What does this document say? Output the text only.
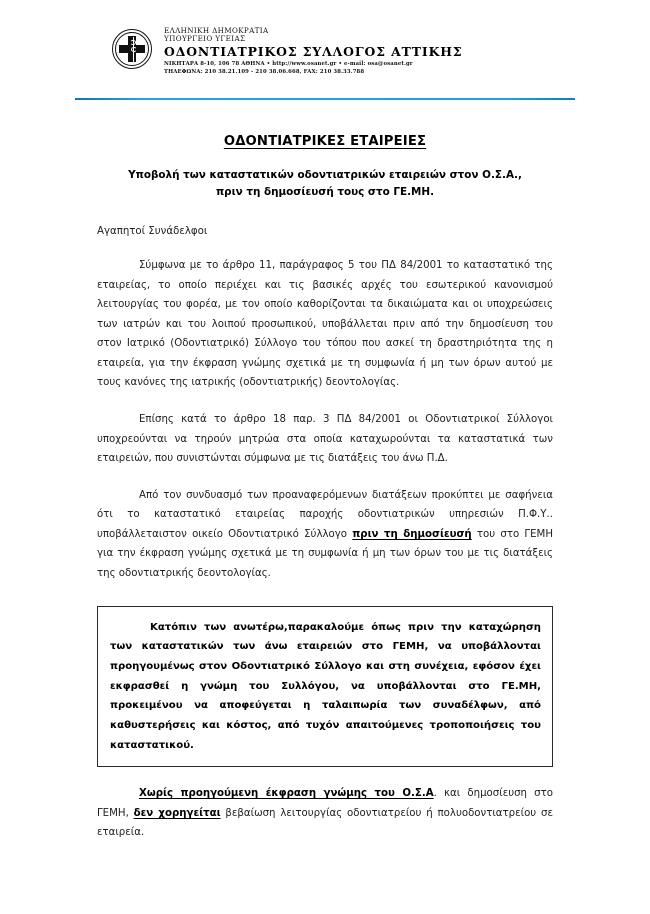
ΕΛΛΗΝΙΚΗ ΔΗΜΟΚΡΑΤΙΑ
ΥΠΟΥΡΓΕΙΟ ΥΓΕΙΑΣ
ΟΔΟΝΤΙΑΤΡΙΚΟΣ ΣΥΛΛΟΓΟΣ ΑΤΤΙΚΗΣ
ΝΙΚΗΤΑΡΑ 8-10, 106 78 ΑΘΗΝΑ • http://www.osanet.gr • e-mail: osa@osanet.gr
ΤΗΛΕΦΩΝΑ: 210 38.21.109 - 210 38.06.668, FAX: 210 38.33.788
ΟΔΟΝΤΙΑΤΡΙΚΕΣ ΕΤΑΙΡΕΙΕΣ
Υποβολή των καταστατικών οδοντιατρικών εταιρειών στον Ο.Σ.Α.,
πριν τη δημοσίευσή τους στο ΓΕ.ΜΗ.
Αγαπητοί Συνάδελφοι

Σύμφωνα με το άρθρο 11, παράγραφος 5 του ΠΔ 84/2001 το καταστατικό της εταιρείας, το οποίο περιέχει και τις βασικές αρχές του εσωτερικού κανονισμού λειτουργίας του φορέα, με τον οποίο καθορίζονται τα δικαιώματα και οι υποχρεώσεις των ιατρών και του λοιπού προσωπικού, υποβάλλεται πριν από την δημοσίευση του στον Ιατρικό (Οδοντιατρικό) Σύλλογο του τόπου που ασκεί τη δραστηριότητα της η εταιρεία, για την έκφραση γνώμης σχετικά με τη συμφωνία ή μη των όρων αυτού με τους κανόνες της ιατρικής (οδοντιατρικής) δεοντολογίας.

Επίσης κατά το άρθρο 18 παρ. 3 ΠΔ 84/2001 οι Οδοντιατρικοί Σύλλογοι υποχρεούνται να τηρούν μητρώα στα οποία καταχωρούνται τα καταστατικά των εταιρειών, που συνιστώνται σύμφωνα με τις διατάξεις του άνω Π.Δ.

Από τον συνδυασμό των προαναφερόμενων διατάξεων προκύπτει με σαφήνεια ότι το καταστατικό εταιρείας παροχής οδοντιατρικών υπηρεσιών Π.Φ.Υ.. υποβάλλεταιστον οικείο Οδοντιατρικό Σύλλογο πριν τη δημοσίευσή του στο ΓΕΜΗ για την έκφραση γνώμης σχετικά με τη συμφωνία ή μη των όρων του με τις διατάξεις της οδοντιατρικής δεοντολογίας.

Κατόπιν των ανωτέρω,παρακαλούμε όπως πριν την καταχώρηση των καταστατικών των άνω εταιρειών στο ΓΕΜΗ, να υποβάλλονται προηγουμένως στον Οδοντιατρικό Σύλλογο και στη συνέχεια, εφόσον έχει εκφρασθεί η γνώμη του Συλλόγου, να υποβάλλονται στο ΓΕ.ΜΗ, προκειμένου να αποφεύγεται η ταλαιπωρία των συναδέλφων, από καθυστερήσεις και κόστος, από τυχόν απαιτούμενες τροποποιήσεις του καταστατικού.

Χωρίς προηγούμενη έκφραση γνώμης του Ο.Σ.Α. και δημοσίευση στο ΓΕΜΗ, δεν χορηγείται βεβαίωση λειτουργίας οδοντιατρείου ή πολυοδοντιατρείου σε εταιρεία.
